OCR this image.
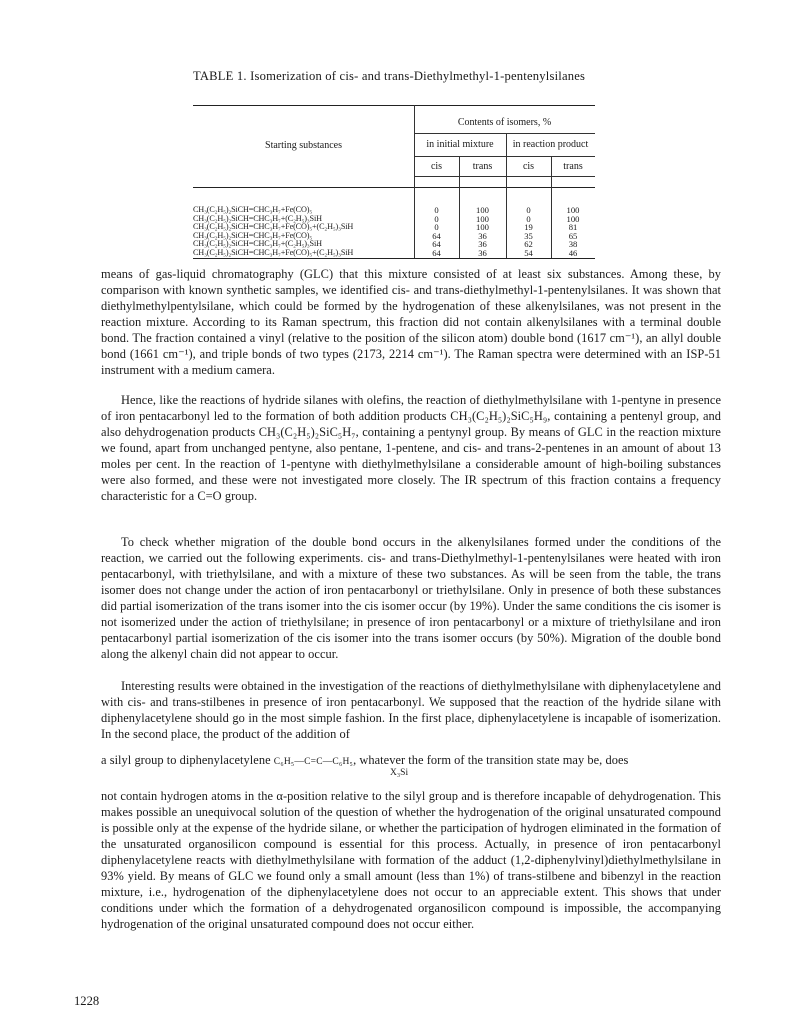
TABLE 1. Isomerization of cis- and trans-Diethylmethyl-1-pentenylsilanes
Starting substances
Contents of isomers, %
in initial mixture	in reaction product
cis	trans	cis	trans
CH₃(C₂H₅)₂SiCH=CHC₃H₇+Fe(CO)₅	0	100	0	100
CH₃(C₂H₅)₂SiCH=CHC₃H₇+(C₂H₅)₃SiH	0	100	0	100
CH₃(C₂H₅)₂SiCH=CHC₃H₇+Fe(CO)₅+(C₂H₅)₃SiH	0	100	19	81
CH₃(C₂H₅)₂SiCH=CHC₃H₇+Fe(CO)₅	64	36	35	65
CH₃(C₂H₅)₂SiCH=CHC₃H₇+(C₂H₅)₃SiH	64	36	62	38
CH₃(C₂H₅)₂SiCH=CHC₃H₇+Fe(CO)₅+(C₂H₅)₃SiH	64	36	54	46
means of gas-liquid chromatography (GLC) that this mixture consisted of at least six substances. Among these, by comparison with known synthetic samples, we identified cis- and trans-diethylmethyl-1-pentenylsilanes. It was shown that diethylmethylpentylsilane, which could be formed by the hydrogenation of these alkenylsilanes, was not present in the reaction mixture. According to its Raman spectrum, this fraction did not contain alkenylsilanes with a terminal double bond. The fraction contained a vinyl (relative to the position of the silicon atom) double bond (1617 cm⁻¹), an allyl double bond (1661 cm⁻¹), and triple bonds of two types (2173, 2214 cm⁻¹). The Raman spectra were determined with an ISP-51 instrument with a medium camera.
Hence, like the reactions of hydride silanes with olefins, the reaction of diethylmethylsilane with 1-pentyne in presence of iron pentacarbonyl led to the formation of both addition products CH₃(C₂H₅)₂SiC₅H₉, containing a pentenyl group, and also dehydrogenation products CH₃(C₂H₅)₂SiC₅H₇, containing a pentynyl group. By means of GLC in the reaction mixture we found, apart from unchanged pentyne, also pentane, 1-pentene, and cis- and trans-2-pentenes in an amount of about 13 moles per cent. In the reaction of 1-pentyne with diethylmethylsilane a considerable amount of high-boiling substances were also formed, and these were not investigated more closely. The IR spectrum of this fraction contains a frequency characteristic for a C=O group.
To check whether migration of the double bond occurs in the alkenylsilanes formed under the conditions of the reaction, we carried out the following experiments. cis- and trans-Diethylmethyl-1-pentenylsilanes were heated with iron pentacarbonyl, with triethylsilane, and with a mixture of these two substances. As will be seen from the table, the trans isomer does not change under the action of iron pentacarbonyl or triethylsilane. Only in presence of both these substances did partial isomerization of the trans isomer into the cis isomer occur (by 19%). Under the same conditions the cis isomer is not isomerized under the action of triethylsilane; in presence of iron pentacarbonyl or a mixture of triethylsilane and iron pentacarbonyl partial isomerization of the cis isomer into the trans isomer occurs (by 50%). Migration of the double bond along the alkenyl chain did not appear to occur.
Interesting results were obtained in the investigation of the reactions of diethylmethylsilane with diphenylacetylene and with cis- and trans-stilbenes in presence of iron pentacarbonyl. We supposed that the reaction of the hydride silane with diphenylacetylene should go in the most simple fashion. In the first place, diphenylacetylene is incapable of isomerization. In the second place, the product of the addition of
a silyl group to diphenylacetylene C₆H₅—C=C—C₆H₅, whatever the form of the transition state may be, does
X₃Si
not contain hydrogen atoms in the α-position relative to the silyl group and is therefore incapable of dehydrogenation. This makes possible an unequivocal solution of the question of whether the hydrogenation of the original unsaturated compound is possible only at the expense of the hydride silane, or whether the participation of hydrogen eliminated in the formation of the unsaturated organosilicon compound is essential for this process. Actually, in presence of iron pentacarbonyl diphenylacetylene reacts with diethylmethylsilane with formation of the adduct (1,2-diphenylvinyl)diethylmethylsilane in 93% yield. By means of GLC we found only a small amount (less than 1%) of trans-stilbene and bibenzyl in the reaction mixture, i.e., hydrogenation of the diphenylacetylene does not occur to an appreciable extent. This shows that under conditions under which the formation of a dehydrogenated organosilicon compound is impossible, the accompanying hydrogenation of the original unsaturated compound does not occur either.
1228
